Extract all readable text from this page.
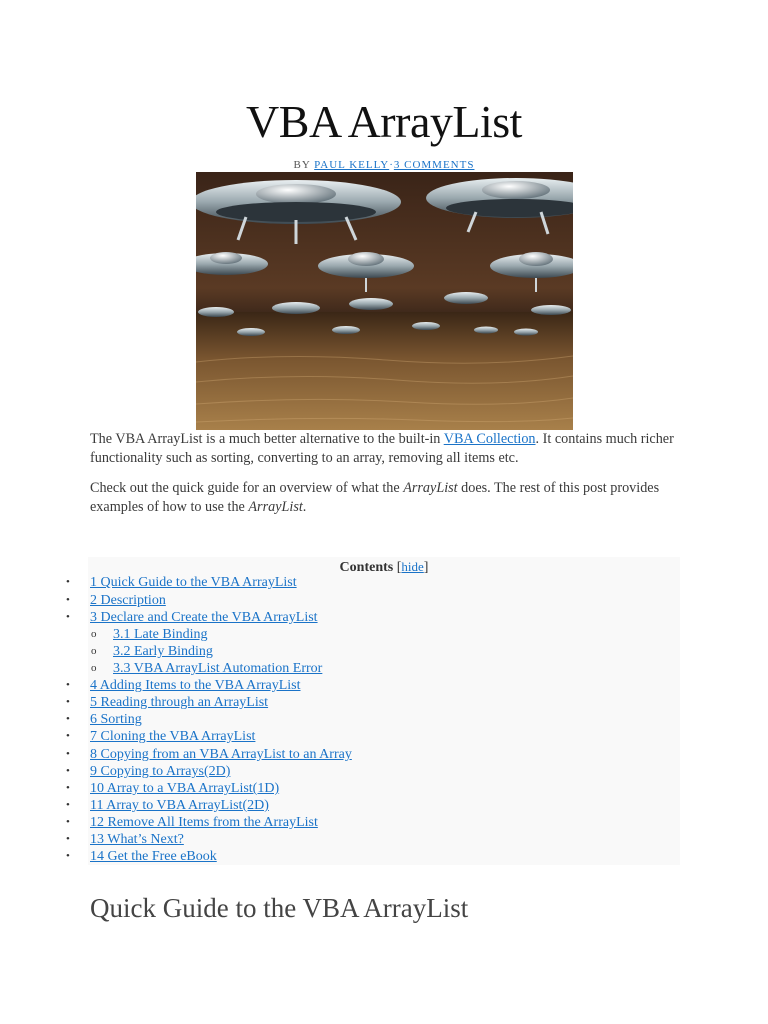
VBA ArrayList
BY PAUL KELLY·3 COMMENTS

The VBA ArrayList is a much better alternative to the built-in VBA Collection. It contains much richer functionality such as sorting, converting to an array, removing all items etc.

Check out the quick guide for an overview of what the ArrayList does. The rest of this post provides examples of how to use the ArrayList.

Contents [hide]
•	1 Quick Guide to the VBA ArrayList
•	2 Description
•	3 Declare and Create the VBA ArrayList
o	3.1 Late Binding
o	3.2 Early Binding
o	3.3 VBA ArrayList Automation Error
•	4 Adding Items to the VBA ArrayList
•	5 Reading through an ArrayList
•	6 Sorting
•	7 Cloning the VBA ArrayList
•	8 Copying from an VBA ArrayList to an Array
•	9 Copying to Arrays(2D)
•	10 Array to a VBA ArrayList(1D)
•	11 Array to VBA ArrayList(2D)
•	12 Remove All Items from the ArrayList
•	13 What’s Next?
•	14 Get the Free eBook
Quick Guide to the VBA ArrayList
